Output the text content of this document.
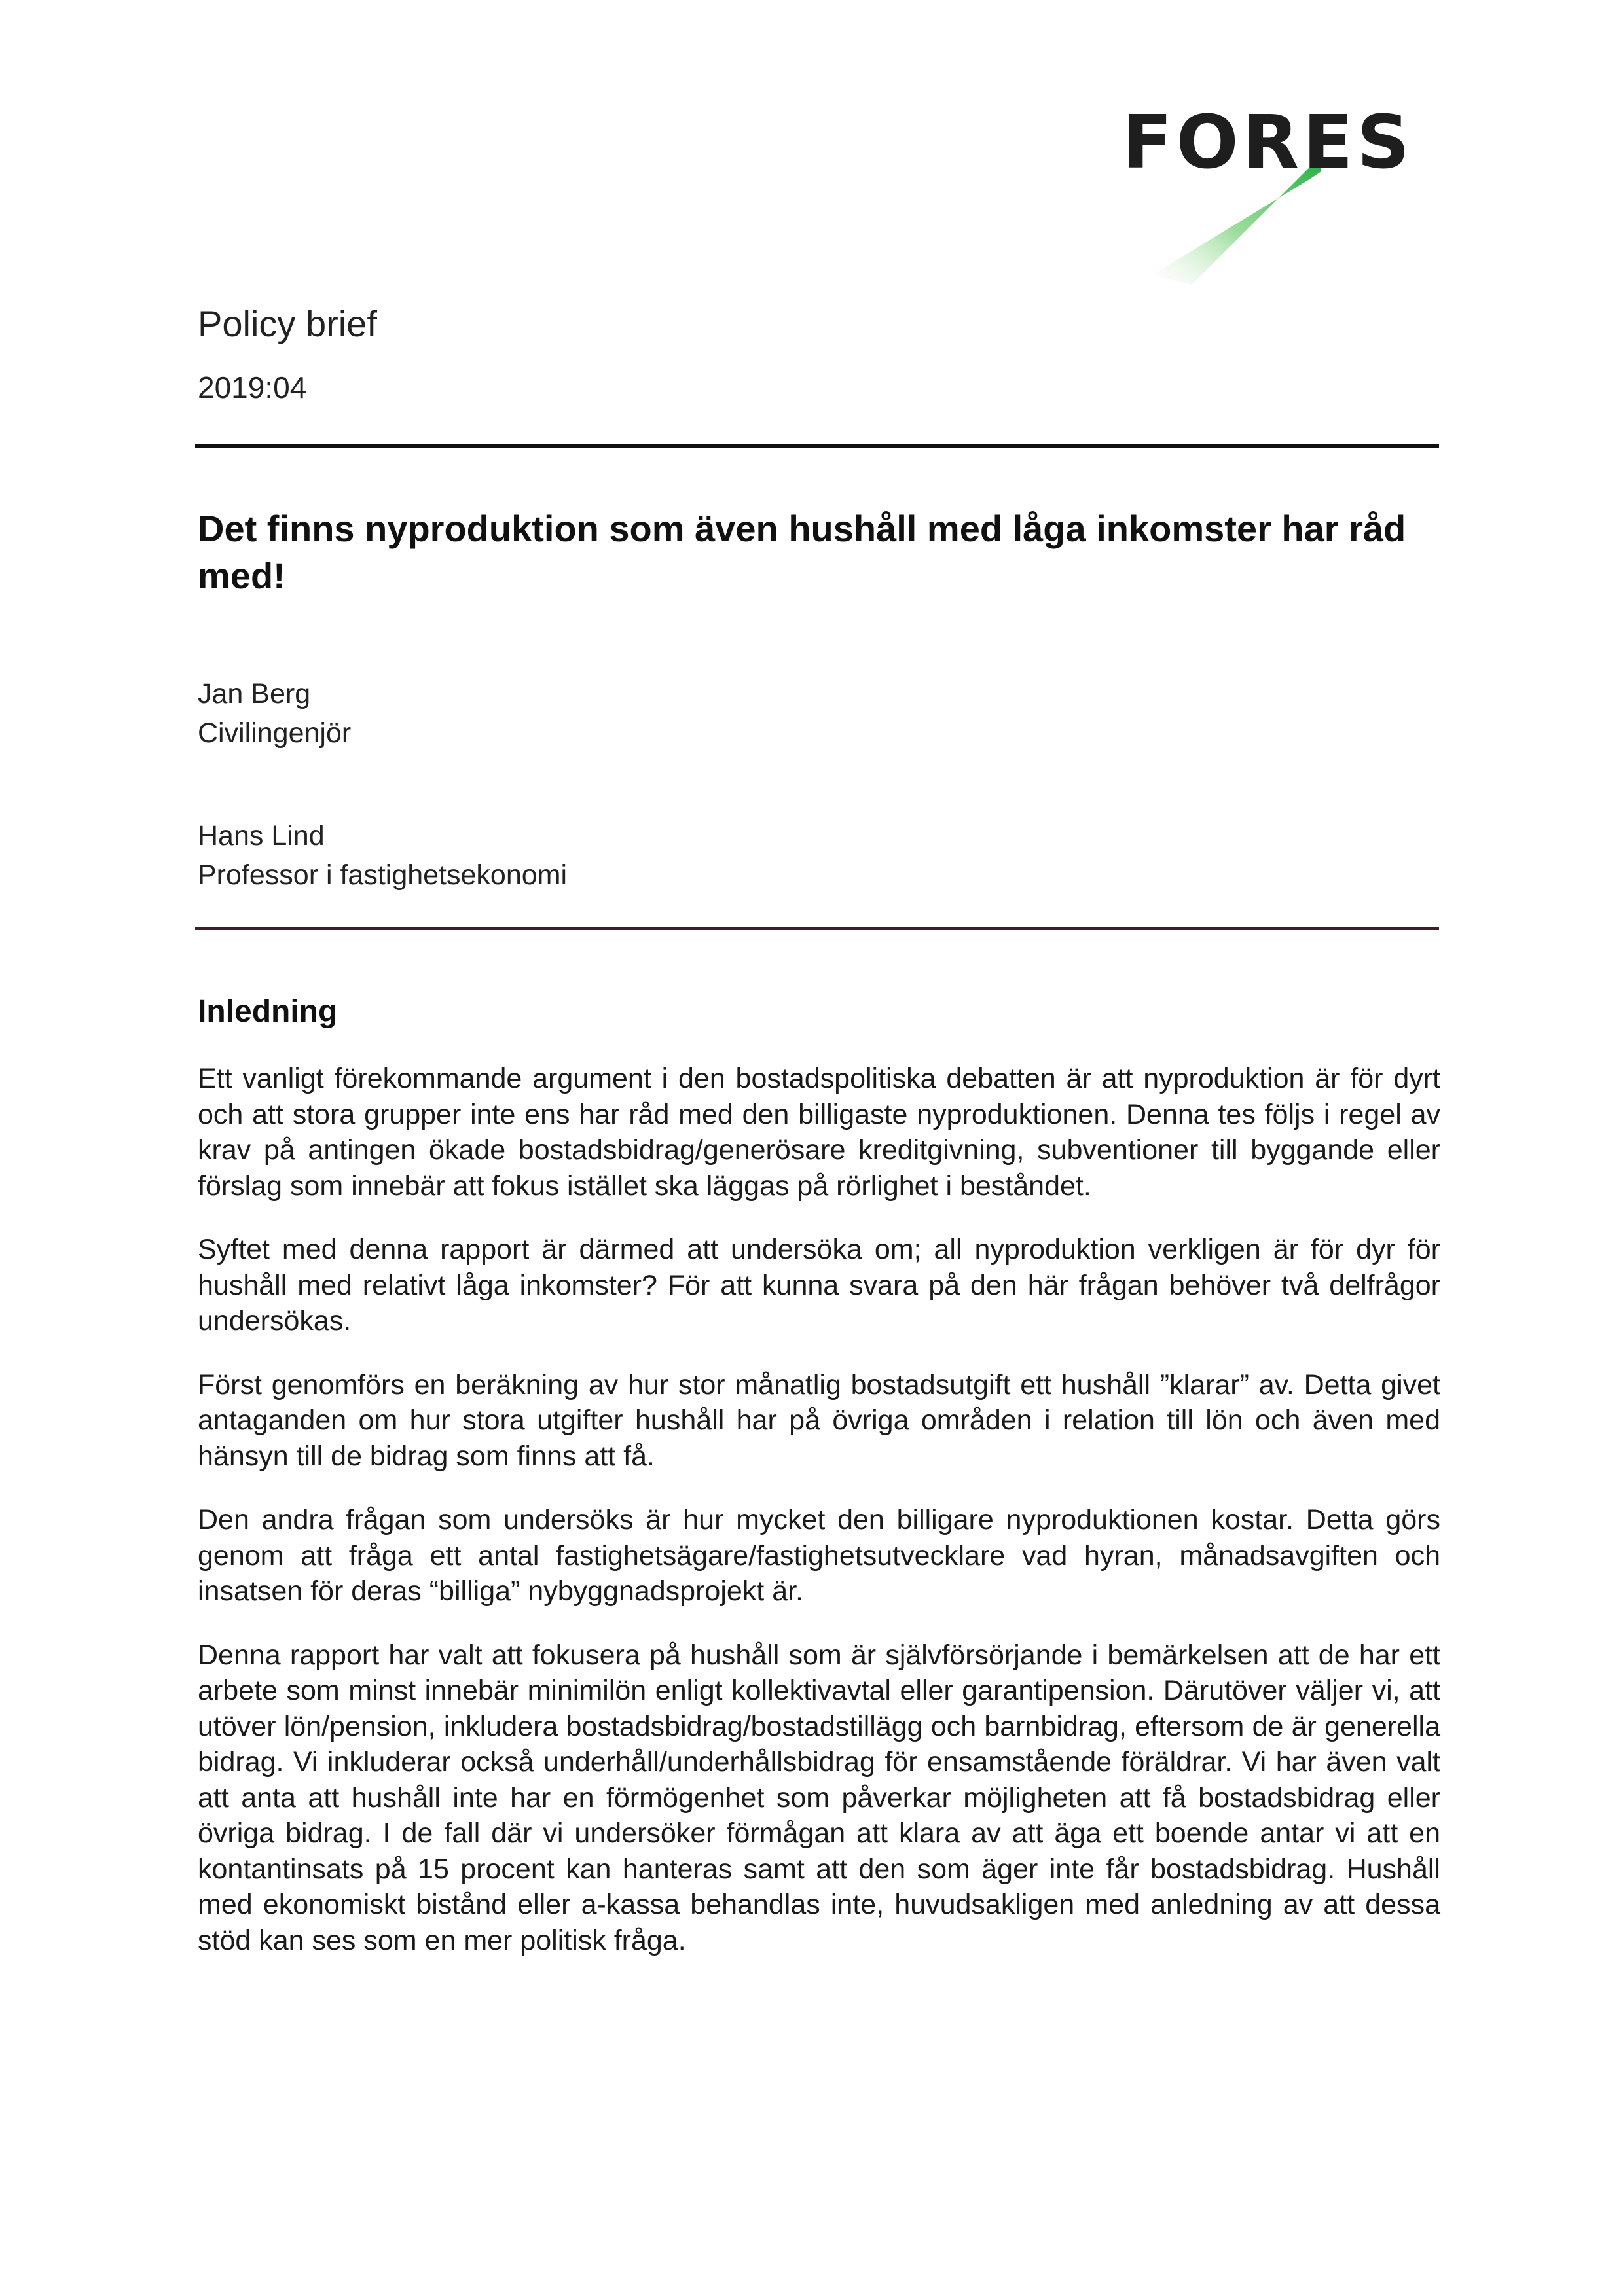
FORES
Policy brief
2019:04
Det finns nyproduktion som även hushåll med låga inkomster har råd med!
Jan Berg
Civilingenjör
Hans Lind
Professor i fastighetsekonomi
Inledning

Ett vanligt förekommande argument i den bostadspolitiska debatten är att nyproduktion är för dyrt och att stora grupper inte ens har råd med den billigaste nyproduktionen. Denna tes följs i regel av krav på antingen ökade bostadsbidrag/generösare kreditgivning, subventioner till byggande eller förslag som innebär att fokus istället ska läggas på rörlighet i beståndet.

Syftet med denna rapport är därmed att undersöka om; all nyproduktion verkligen är för dyr för hushåll med relativt låga inkomster? För att kunna svara på den här frågan behöver två delfrågor undersökas.

Först genomförs en beräkning av hur stor månatlig bostadsutgift ett hushåll ”klarar” av. Detta givet antaganden om hur stora utgifter hushåll har på övriga områden i relation till lön och även med hänsyn till de bidrag som finns att få.

Den andra frågan som undersöks är hur mycket den billigare nyproduktionen kostar. Detta görs genom att fråga ett antal fastighetsägare/fastighetsutvecklare vad hyran, månadsavgiften och insatsen för deras “billiga” nybyggnadsprojekt är.

Denna rapport har valt att fokusera på hushåll som är självförsörjande i bemärkelsen att de har ett arbete som minst innebär minimilön enligt kollektivavtal eller garantipension. Därutöver väljer vi, att utöver lön/pension, inkludera bostadsbidrag/bostadstillägg och barnbidrag, eftersom de är generella bidrag. Vi inkluderar också underhåll/underhållsbidrag för ensamstående föräldrar. Vi har även valt att anta att hushåll inte har en förmögenhet som påverkar möjligheten att få bostadsbidrag eller övriga bidrag. I de fall där vi undersöker förmågan att klara av att äga ett boende antar vi att en kontantinsats på 15 procent kan hanteras samt att den som äger inte får bostadsbidrag. Hushåll med ekonomiskt bistånd eller a-kassa behandlas inte, huvudsakligen med anledning av att dessa stöd kan ses som en mer politisk fråga.
